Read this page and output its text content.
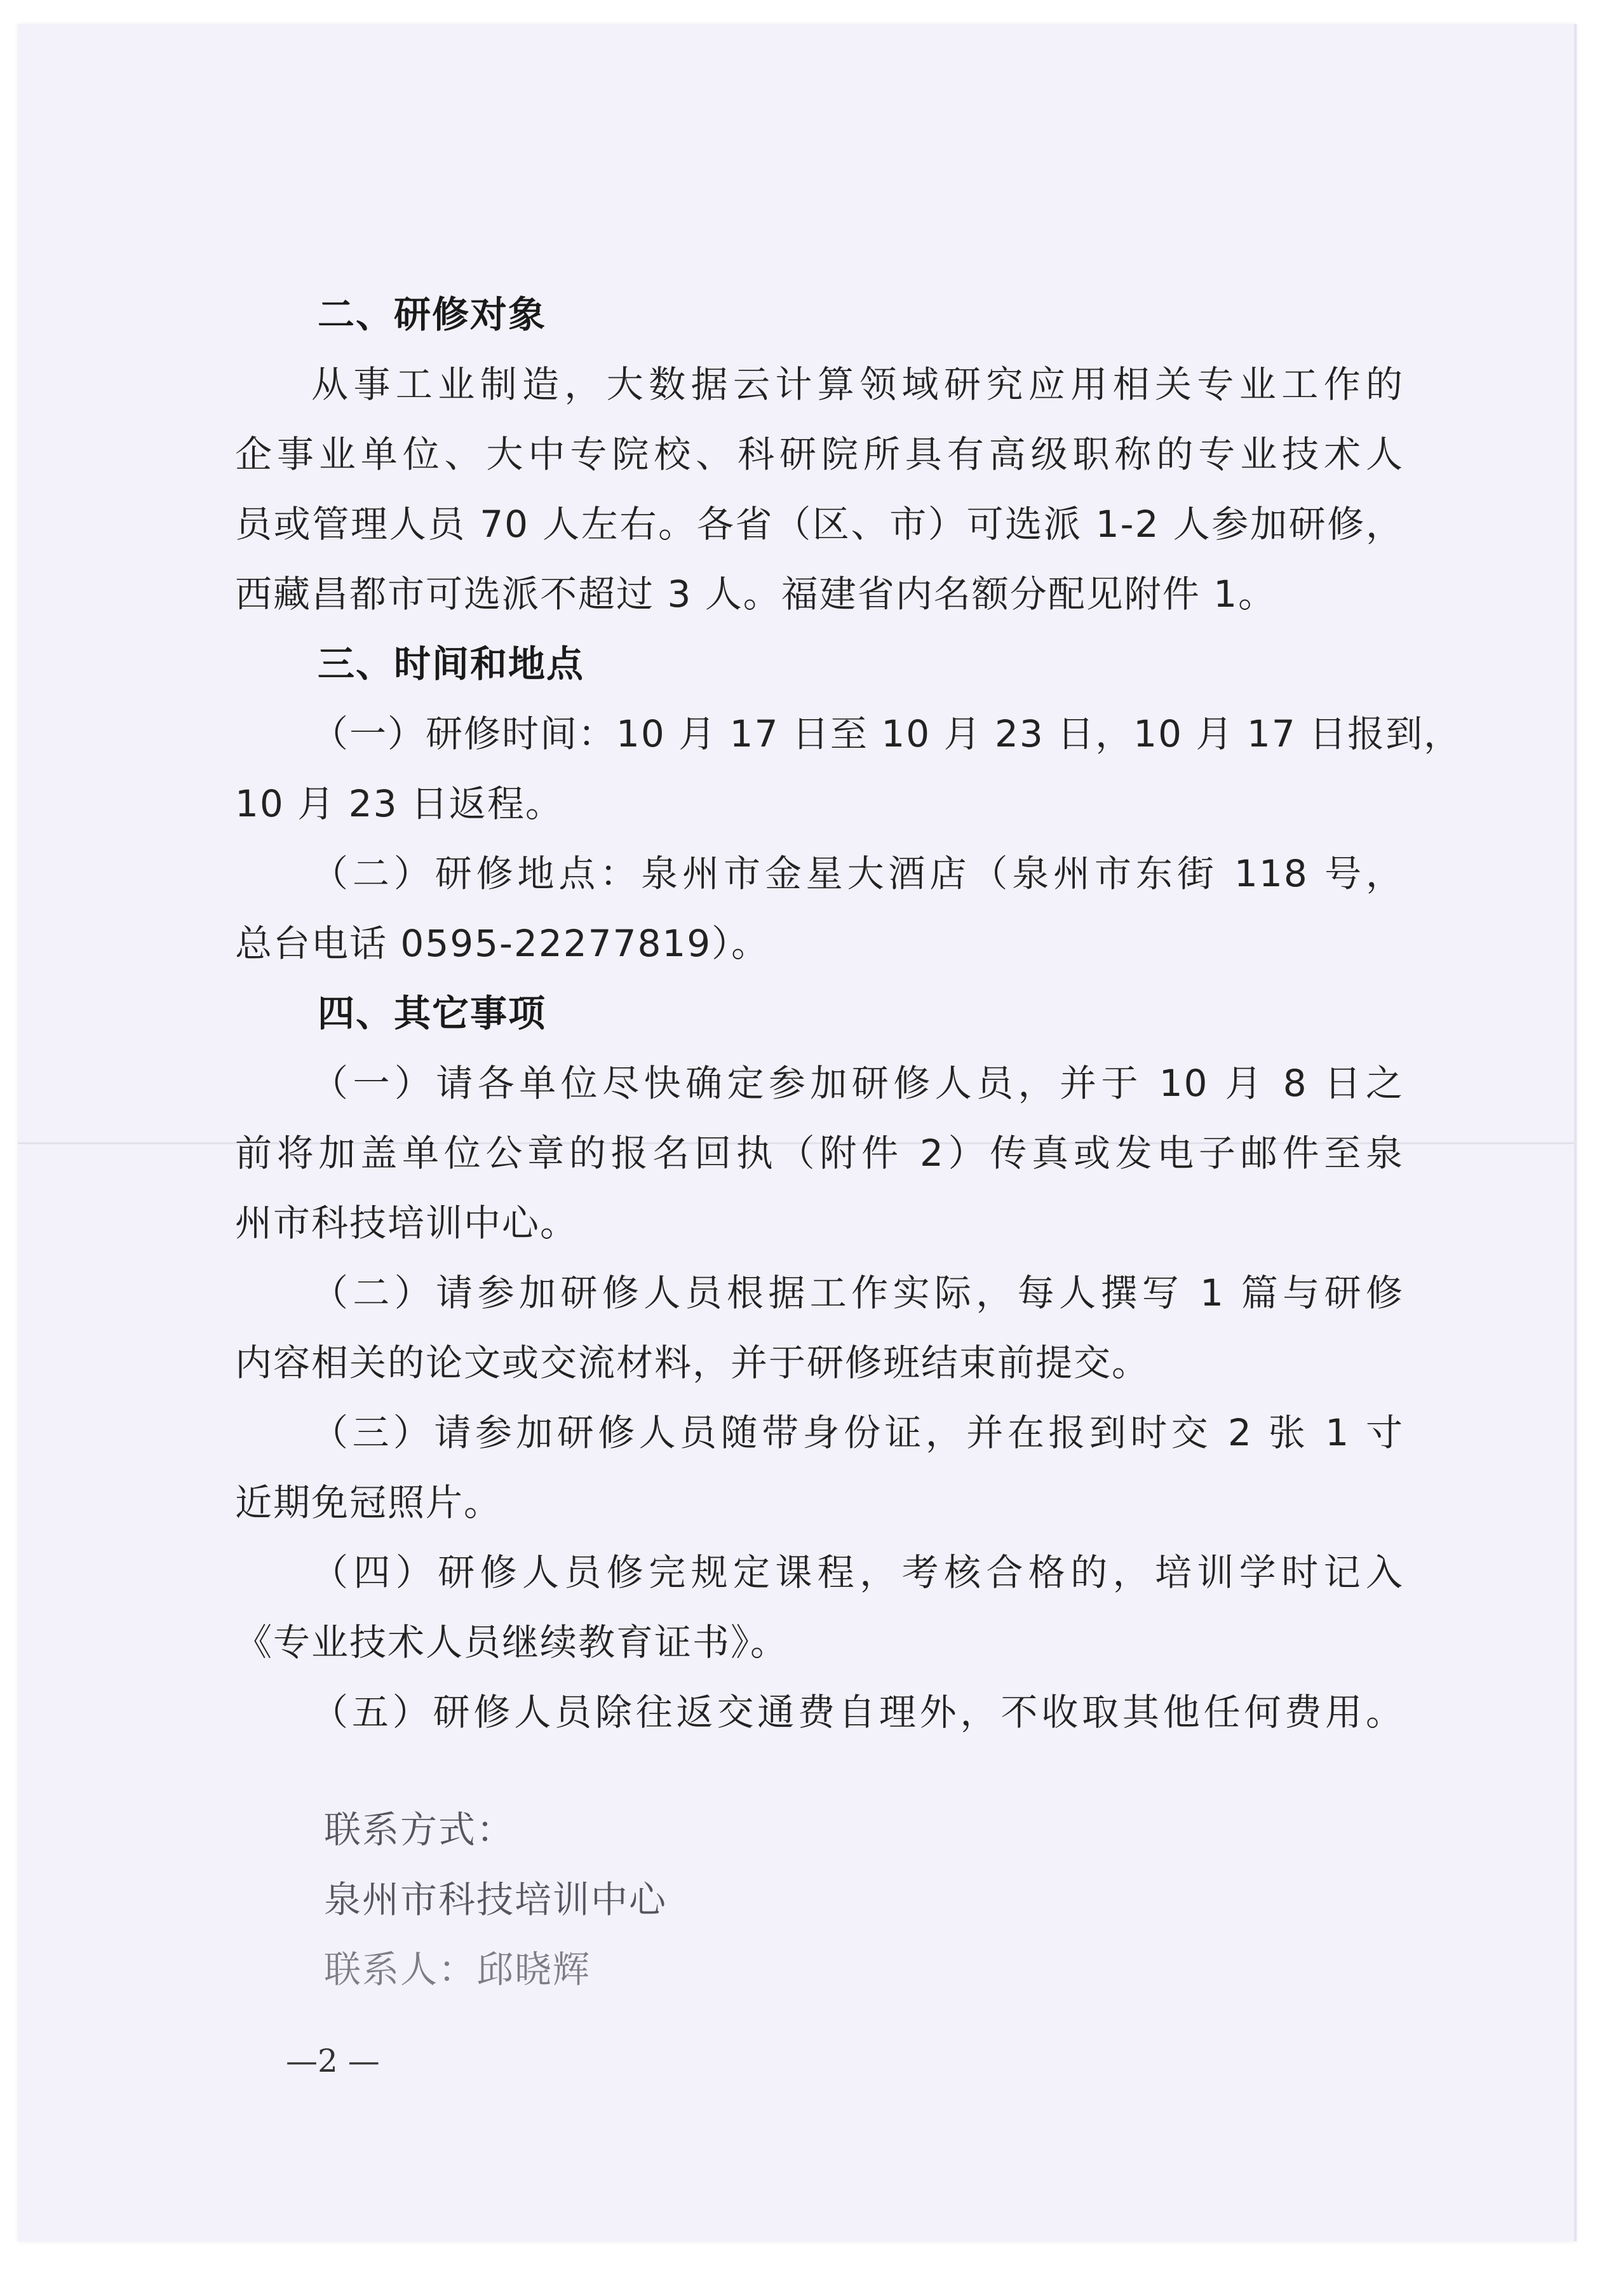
二、研修对象
从事工业制造，大数据云计算领域研究应用相关专业工作的
企事业单位、大中专院校、科研院所具有高级职称的专业技术人
员或管理人员 70 人左右。各省（区、市）可选派 1-2 人参加研修，
西藏昌都市可选派不超过 3 人。福建省内名额分配见附件 1。
三、时间和地点
（一）研修时间：10 月 17 日至 10 月 23 日，10 月 17 日报到，
10 月 23 日返程。
（二）研修地点：泉州市金星大酒店（泉州市东街 118 号，
总台电话 0595-22277819）。
四、其它事项
（一）请各单位尽快确定参加研修人员，并于 10 月 8 日之
前将加盖单位公章的报名回执（附件 2）传真或发电子邮件至泉
州市科技培训中心。
（二）请参加研修人员根据工作实际，每人撰写 1 篇与研修
内容相关的论文或交流材料，并于研修班结束前提交。
（三）请参加研修人员随带身份证，并在报到时交 2 张 1 寸
近期免冠照片。
（四）研修人员修完规定课程，考核合格的，培训学时记入
《专业技术人员继续教育证书》。
（五）研修人员除往返交通费自理外，不收取其他任何费用。
联系方式：
泉州市科技培训中心
联系人：邱晓辉
—2 —
